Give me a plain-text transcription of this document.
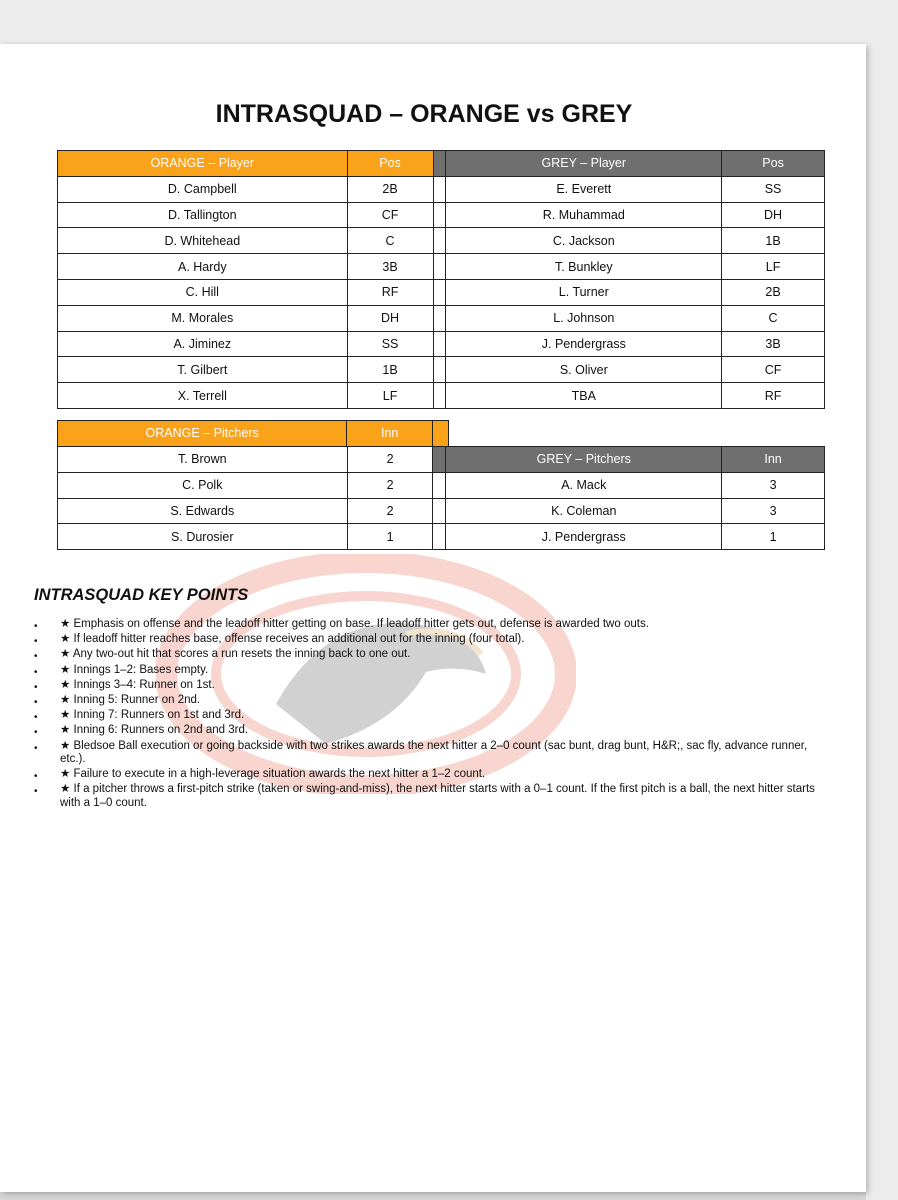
INTRASQUAD – ORANGE vs GREY
ORANGE – Player	Pos		GREY – Player	Pos
D. Campbell	2B		E. Everett	SS
D. Tallington	CF		R. Muhammad	DH
D. Whitehead	C		C. Jackson	1B
A. Hardy	3B		T. Bunkley	LF
C. Hill	RF		L. Turner	2B
M. Morales	DH		L. Johnson	C
A. Jiminez	SS		J. Pendergrass	3B
T. Gilbert	1B		S. Oliver	CF
X. Terrell	LF		TBA	RF
ORANGE – Pitchers	Inn	
T. Brown	2		GREY – Pitchers	Inn
C. Polk	2		A. Mack	3
S. Edwards	2		K. Coleman	3
S. Durosier	1		J. Pendergrass	1
INTRASQUAD KEY POINTS
• ★ Emphasis on offense and the leadoff hitter getting on base. If leadoff hitter gets out, defense is awarded two outs.
• ★ If leadoff hitter reaches base, offense receives an additional out for the inning (four total).
• ★ Any two-out hit that scores a run resets the inning back to one out.
• ★ Innings 1–2: Bases empty.
• ★ Innings 3–4: Runner on 1st.
• ★ Inning 5: Runner on 2nd.
• ★ Inning 7: Runners on 1st and 3rd.
• ★ Inning 6: Runners on 2nd and 3rd.
• ★ Bledsoe Ball execution or going backside with two strikes awards the next hitter a 2–0 count (sac bunt, drag bunt, H&R;, sac fly, advance runner, etc.).
• ★ Failure to execute in a high-leverage situation awards the next hitter a 1–2 count.
• ★ If a pitcher throws a first-pitch strike (taken or swing-and-miss), the next hitter starts with a 0–1 count. If the first pitch is a ball, the next hitter starts with a 1–0 count.
